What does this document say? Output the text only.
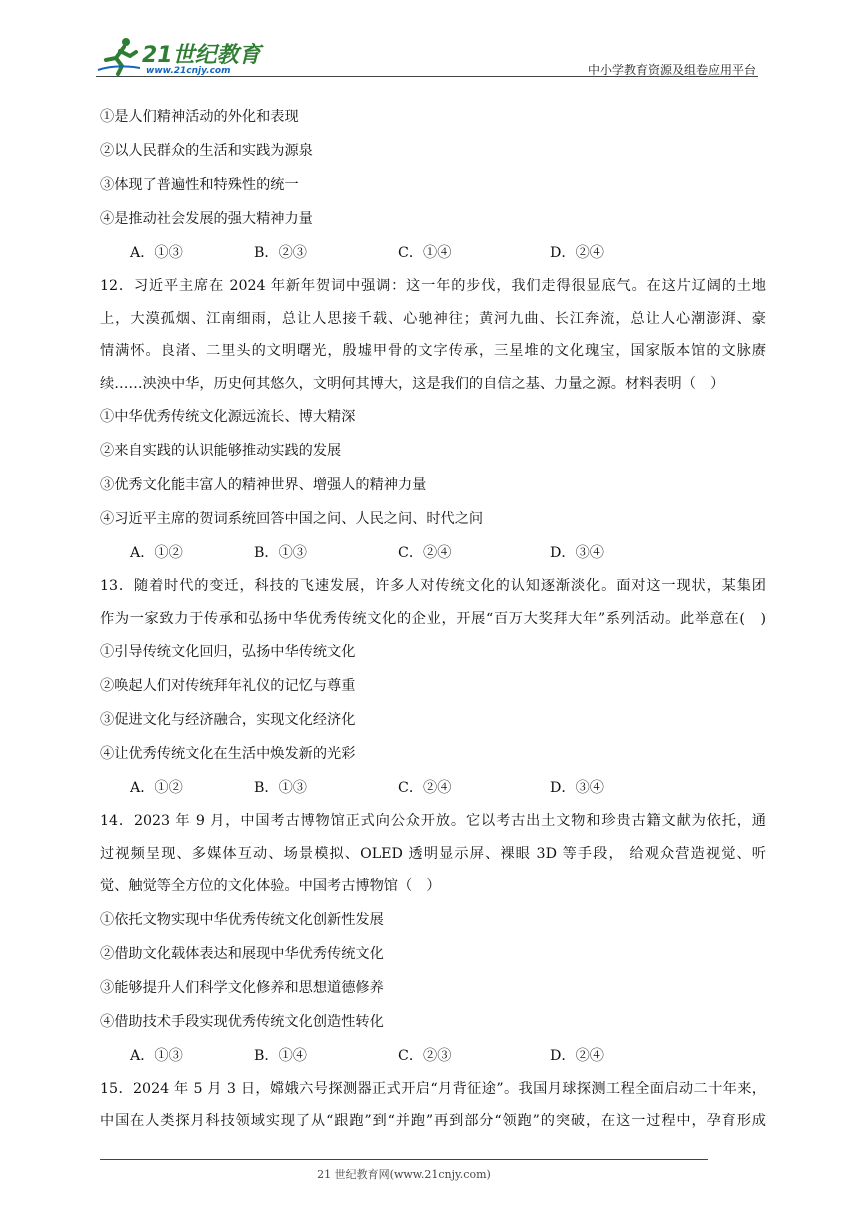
21世纪教育
www.21cnjy.com	中小学教育资源及组卷应用平台
①是人们精神活动的外化和表现
②以人民群众的生活和实践为源泉
③体现了普遍性和特殊性的统一
④是推动社会发展的强大精神力量
A．①③	B．②③	C．①④	D．②④
12．习近平主席在 2024 年新年贺词中强调：这一年的步伐，我们走得很显底气。在这片辽阔的土地
上，大漠孤烟、江南细雨，总让人思接千载、心驰神往；黄河九曲、长江奔流，总让人心潮澎湃、豪
情满怀。良渚、二里头的文明曙光，殷墟甲骨的文字传承，三星堆的文化瑰宝，国家版本馆的文脉赓
续……泱泱中华，历史何其悠久，文明何其博大，这是我们的自信之基、力量之源。材料表明（　）
①中华优秀传统文化源远流长、博大精深
②来自实践的认识能够推动实践的发展
③优秀文化能丰富人的精神世界、增强人的精神力量
④习近平主席的贺词系统回答中国之问、人民之问、时代之问
A．①②	B．①③	C．②④	D．③④
13．随着时代的变迁，科技的飞速发展，许多人对传统文化的认知逐渐淡化。面对这一现状，某集团
作为一家致力于传承和弘扬中华优秀传统文化的企业，开展“百万大奖拜大年”系列活动。此举意在(　)
①引导传统文化回归，弘扬中华传统文化
②唤起人们对传统拜年礼仪的记忆与尊重
③促进文化与经济融合，实现文化经济化
④让优秀传统文化在生活中焕发新的光彩
A．①②	B．①③	C．②④	D．③④
14．2023 年 9 月，中国考古博物馆正式向公众开放。它以考古出土文物和珍贵古籍文献为依托，通
过视频呈现、多媒体互动、场景模拟、OLED 透明显示屏、裸眼 3D 等手段， 给观众营造视觉、听
觉、触觉等全方位的文化体验。中国考古博物馆（　）
①依托文物实现中华优秀传统文化创新性发展
②借助文化载体表达和展现中华优秀传统文化
③能够提升人们科学文化修养和思想道德修养
④借助技术手段实现优秀传统文化创造性转化
A．①③	B．①④	C．②③	D．②④
15．2024 年 5 月 3 日，嫦娥六号探测器正式开启“月背征途”。我国月球探测工程全面启动二十年来，
中国在人类探月科技领域实现了从“跟跑”到“并跑”再到部分“领跑”的突破，在这一过程中，孕育形成
21 世纪教育网(www.21cnjy.com)
